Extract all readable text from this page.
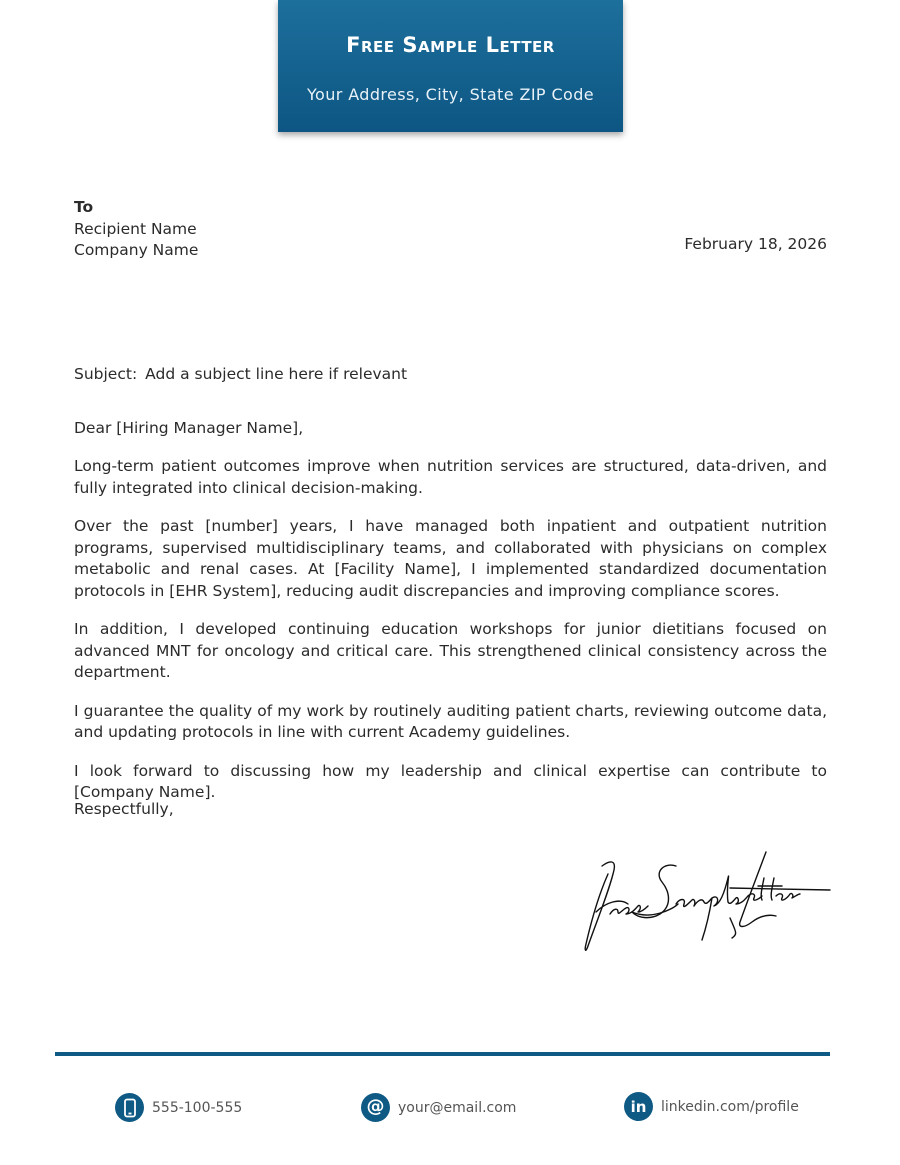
Free Sample Letter
Your Address, City, State ZIP Code
To
Recipient Name
Company Name	February 18, 2026
Subject: Add a subject line here if relevant
Dear [Hiring Manager Name],

Long-term patient outcomes improve when nutrition services are structured, data-driven, and fully integrated into clinical decision-making.

Over the past [number] years, I have managed both inpatient and outpatient nutrition programs, supervised multidisciplinary teams, and collaborated with physicians on complex metabolic and renal cases. At [Facility Name], I implemented standardized documentation protocols in [EHR System], reducing audit discrepancies and improving compliance scores.

In addition, I developed continuing education workshops for junior dietitians focused on advanced MNT for oncology and critical care. This strengthened clinical consistency across the department.

I guarantee the quality of my work by routinely auditing patient charts, reviewing outcome data, and updating protocols in line with current Academy guidelines.

I look forward to discussing how my leadership and clinical expertise can contribute to [Company Name].

Respectfully,
555-100-555	@ your@email.com	in linkedin.com/profile
